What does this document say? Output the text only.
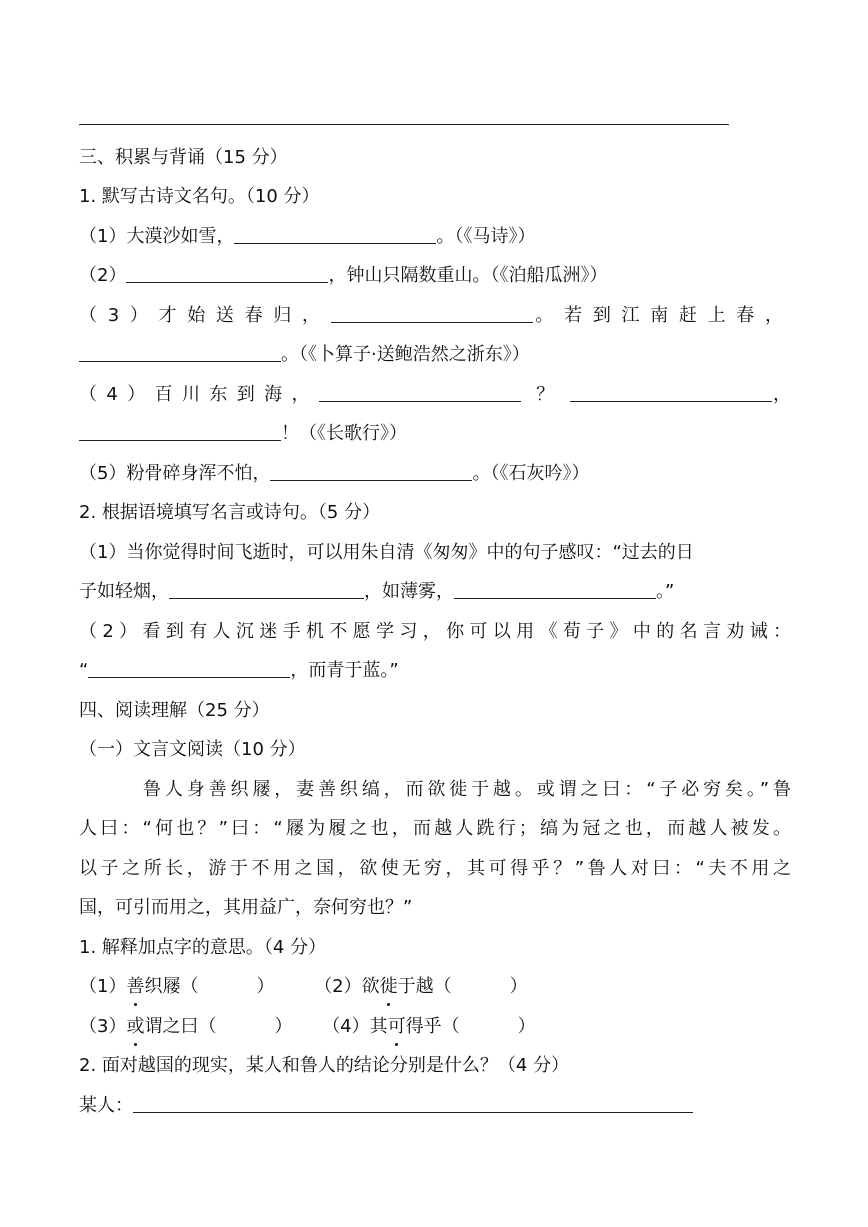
三、积累与背诵（15 分）
1. 默写古诗文名句。（10 分）
（1）大漠沙如雪，	。（《马诗》）
（2）	，钟山只隔数重山。（《泊船瓜洲》）
（3）才始送春归，	。若到江南赶上春，
。（《卜算子·送鲍浩然之浙东》）
（4）百川东到海，	？	，
！（《长歌行》）
（5）粉骨碎身浑不怕，	。（《石灰吟》）
2. 根据语境填写名言或诗句。（5 分）
（1）当你觉得时间飞逝时，可以用朱自清《匆匆》中的句子感叹：“过去的日
子如轻烟，	，如薄雾，	。”
（2）看到有人沉迷手机不愿学习，你可以用《荀子》中的名言劝诫：
“	，而青于蓝。”
四、阅读理解（25 分）
（一）文言文阅读（10 分）
鲁人身善织屦，妻善织缟，而欲徙于越。或谓之曰：“子必穷矣。”鲁
人曰：“何也？”曰：“屦为履之也，而越人跣行；缟为冠之也，而越人被发。
以子之所长，游于不用之国，欲使无穷，其可得乎？”鲁人对曰：“夫不用之
国，可引而用之，其用益广，奈何穷也？”
1. 解释加点字的意思。（4 分）
（1）善织屦（	） （2）欲徙于越（	）
（3）或谓之曰（	） （4）其可得乎（	）
2. 面对越国的现实，某人和鲁人的结论分别是什么？（4 分）
某人：
